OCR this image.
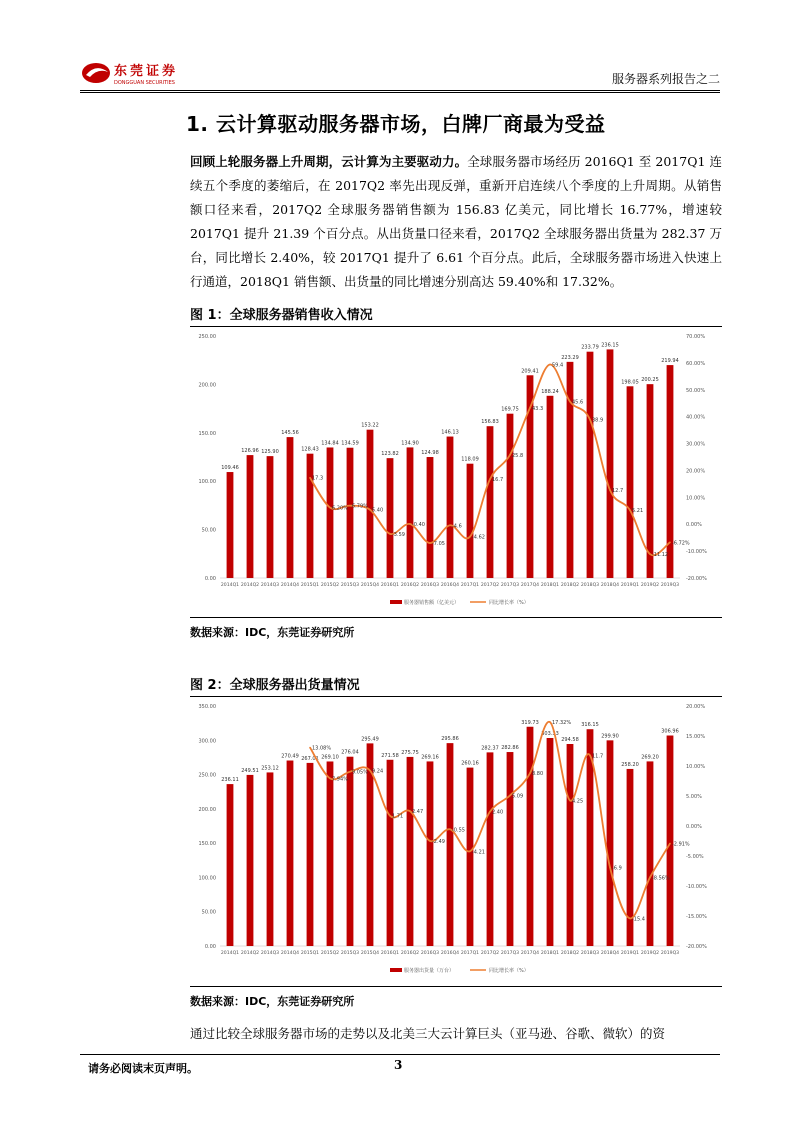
东莞证券
DONGGUAN SECURITIES	服务器系列报告之二
1. 云计算驱动服务器市场，白牌厂商最为受益
回顾上轮服务器上升周期，云计算为主要驱动力。全球服务器市场经历 2016Q1 至 2017Q1 连续五个季度的萎缩后，在 2017Q2 率先出现反弹，重新开启连续八个季度的上升周期。从销售额口径来看，2017Q2 全球服务器销售额为 156.83 亿美元，同比增长 16.77%，增速较 2017Q1 提升 21.39 个百分点。从出货量口径来看，2017Q2 全球服务器出货量为 282.37 万台，同比增长 2.40%，较 2017Q1 提升了 6.61 个百分点。此后，全球服务器市场进入快速上行通道，2018Q1 销售额、出货量的同比增速分别高达 59.40%和 17.32%。
图 1：全球服务器销售收入情况
0.00
50.00
100.00
150.00
200.00
250.00
-20.00%
-10.00%
0.00%
10.00%
20.00%
30.00%
40.00%
50.00%
60.00%
70.00%
109.46
2014Q1
126.96
2014Q2
125.90
2014Q3
145.56
2014Q4
128.43
2015Q1
134.84
2015Q2
134.59
2015Q3
153.22
2015Q4
123.82
2016Q1
134.90
2016Q2
124.98
2016Q3
146.13
2016Q4
118.09
2017Q1
156.83
2017Q2
169.75
2017Q3
209.41
2017Q4
188.24
2018Q1
223.29
2018Q2
233.79
2018Q3
236.15
2018Q4
198.05
2019Q1
200.25
2019Q2
219.94
2019Q3
17.3
6.20% 6.79%
5.40
-3.59
-0.40
-7.05
-4.6
-4.62
16.7
25.8
43.3
59.4
45.6
38.9
12.7
5.21
-11.12
-6.72%
服务器销售额（亿美元）	同比增长率（%）
数据来源：IDC，东莞证券研究所
图 2：全球服务器出货量情况
0.00
50.00
100.00
150.00
200.00
250.00
300.00
350.00
-20.00%
-15.00%
-10.00%
-5.00%
0.00%
5.00%
10.00%
15.00%
20.00%
236.11
2014Q1
249.51
2014Q2
253.12
2014Q3
270.49
2014Q4
267.01
2015Q1
269.10
2015Q2
276.04
2015Q3
295.49
2015Q4
271.58
2016Q1
275.75
2016Q2
269.16
2016Q3
295.86
2016Q4
260.16
2017Q1
282.37
2017Q2
282.86
2017Q3
319.73
2017Q4
303.33
2018Q1
294.58
2018Q2
316.15
2018Q3
299.90
2018Q4
258.20
2019Q1
269.20
2019Q2
306.96
2019Q3
13.08%
7.94%
9.05% 9.24
1.71
2.47
-2.49
-0.55
-4.21
2.40
5.09
8.80
17.32%
4.25
11.7
-6.9
-15.4
-8.56%
-2.91%
服务器出货量（万台）	同比增长率（%）
数据来源：IDC，东莞证券研究所
通过比较全球服务器市场的走势以及北美三大云计算巨头（亚马逊、谷歌、微软）的资
请务必阅读末页声明。	3
